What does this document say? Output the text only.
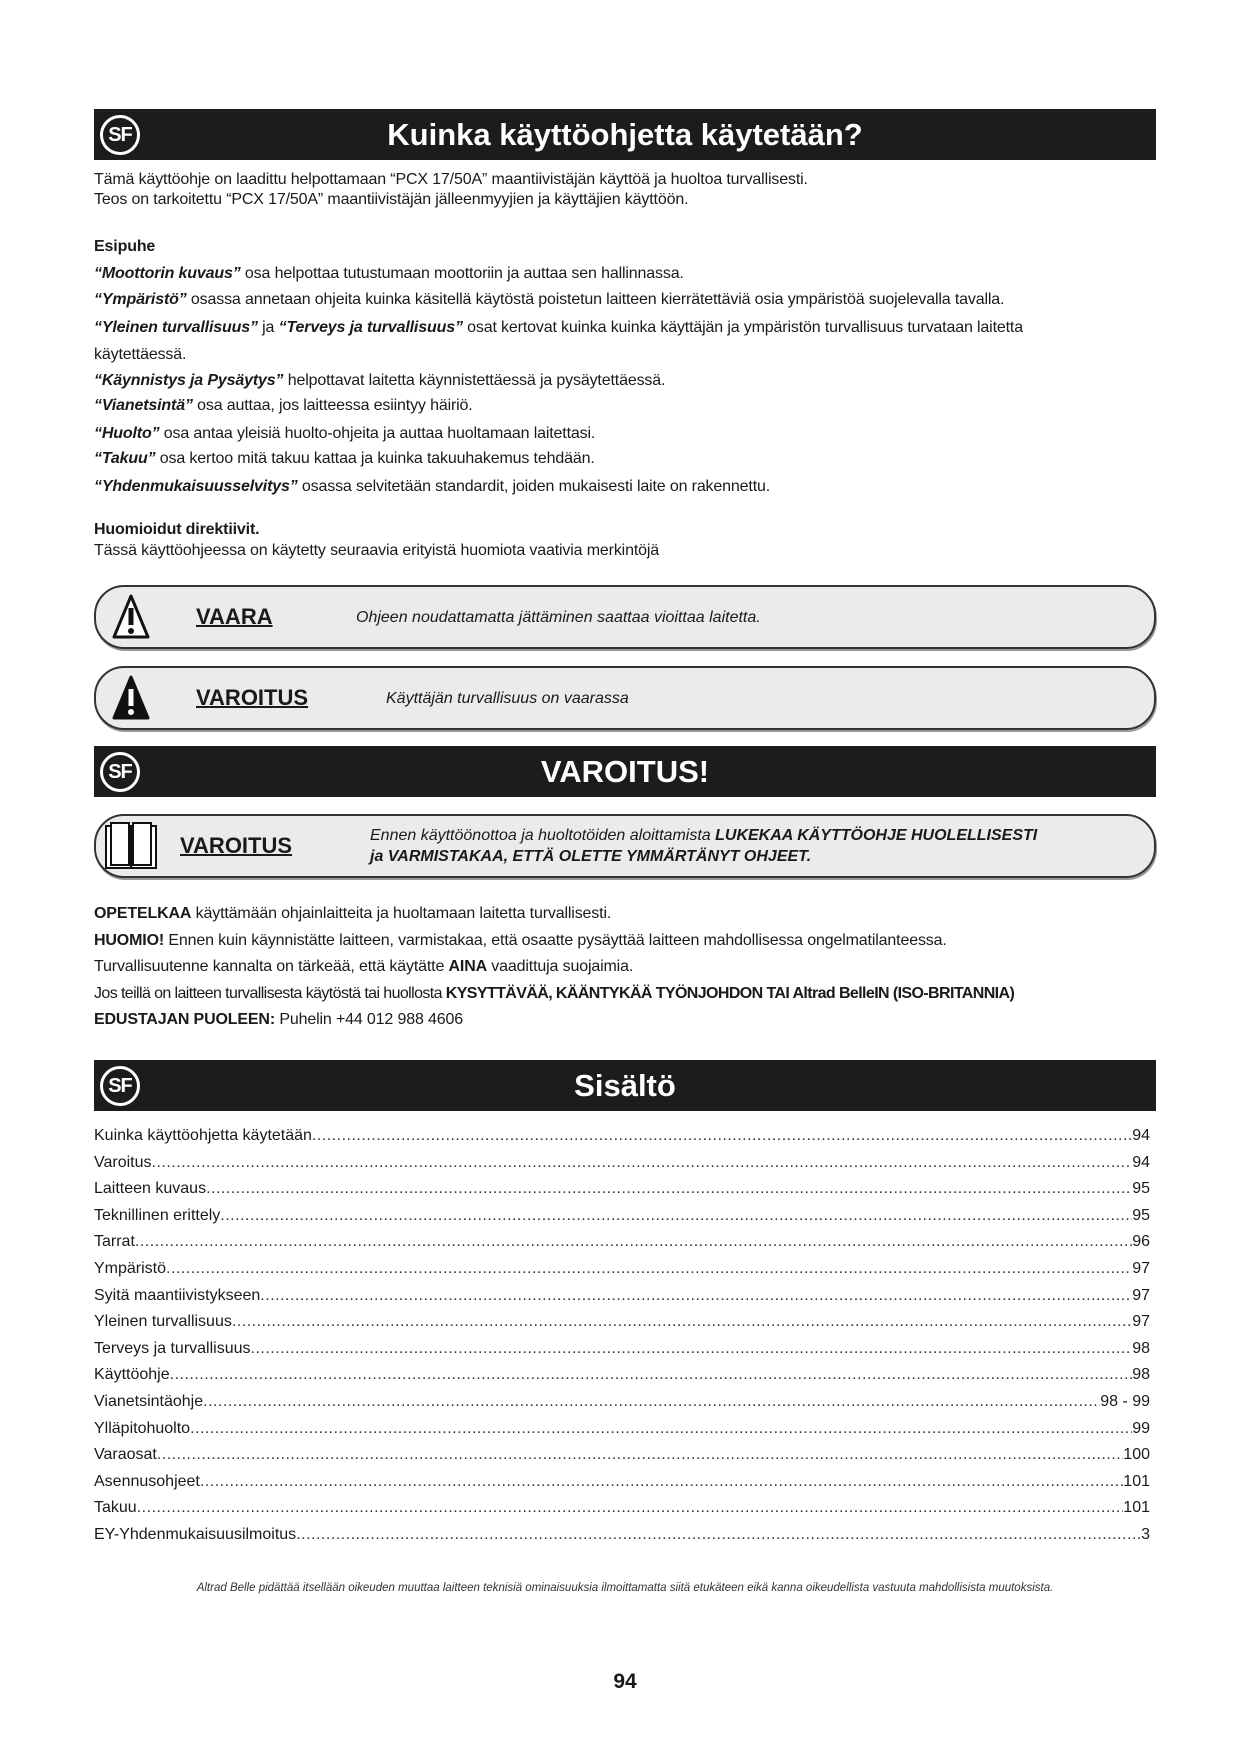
SF	Kuinka käyttöohjetta käytetään?
Tämä käyttöohje on laadittu helpottamaan “PCX 17/50A” maantiivistäjän käyttöä ja huoltoa turvallisesti.
Teos on tarkoitettu “PCX 17/50A” maantiivistäjän jälleenmyyjien ja käyttäjien käyttöön.
Esipuhe
“Moottorin kuvaus” osa helpottaa tutustumaan moottoriin ja auttaa sen hallinnassa.
“Ympäristö” osassa annetaan ohjeita kuinka käsitellä käytöstä poistetun laitteen kierrätettäviä osia ympäristöä suojelevalla tavalla.
“Yleinen turvallisuus” ja “Terveys ja turvallisuus” osat kertovat kuinka kuinka käyttäjän ja ympäristön turvallisuus turvataan laitetta
käytettäessä.
“Käynnistys ja Pysäytys” helpottavat laitetta käynnistettäessä ja pysäytettäessä.
“Vianetsintä” osa auttaa, jos laitteessa esiintyy häiriö.
“Huolto” osa antaa yleisiä huolto-ohjeita ja auttaa huoltamaan laitettasi.
“Takuu” osa kertoo mitä takuu kattaa ja kuinka takuuhakemus tehdään.
“Yhdenmukaisuusselvitys” osassa selvitetään standardit, joiden mukaisesti laite on rakennettu.
Huomioidut direktiivit.
Tässä käyttöohjeessa on käytetty seuraavia erityistä huomiota vaativia merkintöjä
VAARA	Ohjeen noudattamatta jättäminen saattaa vioittaa laitetta.
VAROITUS	Käyttäjän turvallisuus on vaarassa
SF	VAROITUS!
VAROITUS	Ennen käyttöönottoa ja huoltotöiden aloittamista LUKEKAA KÄYTTÖOHJE HUOLELLISESTI
ja VARMISTAKAA, ETTÄ OLETTE YMMÄRTÄNYT OHJEET.
OPETELKAA käyttämään ohjainlaitteita ja huoltamaan laitetta turvallisesti.
HUOMIO! Ennen kuin käynnistätte laitteen, varmistakaa, että osaatte pysäyttää laitteen mahdollisessa ongelmatilanteessa.
Turvallisuutenne kannalta on tärkeää, että käytätte AINA vaadittuja suojaimia.
Jos teillä on laitteen turvallisesta käytöstä tai huollosta KYSYTTÄVÄÄ, KÄÄNTYKÄÄ TYÖNJOHDON TAI Altrad BelleIN (ISO-BRITANNIA)
EDUSTAJAN PUOLEEN: Puhelin +44 012 988 4606
SF	Sisältö
Kuinka käyttöohjetta käytetään .....	94
Varoitus .....	94
Laitteen kuvaus .....	95
Teknillinen erittely .....	95
Tarrat .....	96
Ympäristö .....	97
Syitä maantiivistykseen .....	97
Yleinen turvallisuus .....	97
Terveys ja turvallisuus .....	98
Käyttöohje .....	98
Vianetsintäohje .....	98 - 99
Ylläpitohuolto .....	99
Varaosat .....	100
Asennusohjeet .....	101
Takuu .....	101
EY-Yhdenmukaisuusilmoitus .....	3
Altrad Belle pidättää itsellään oikeuden muuttaa laitteen teknisiä ominaisuuksia ilmoittamatta siitä etukäteen eikä kanna oikeudellista vastuuta mahdollisista muutoksista.
94
